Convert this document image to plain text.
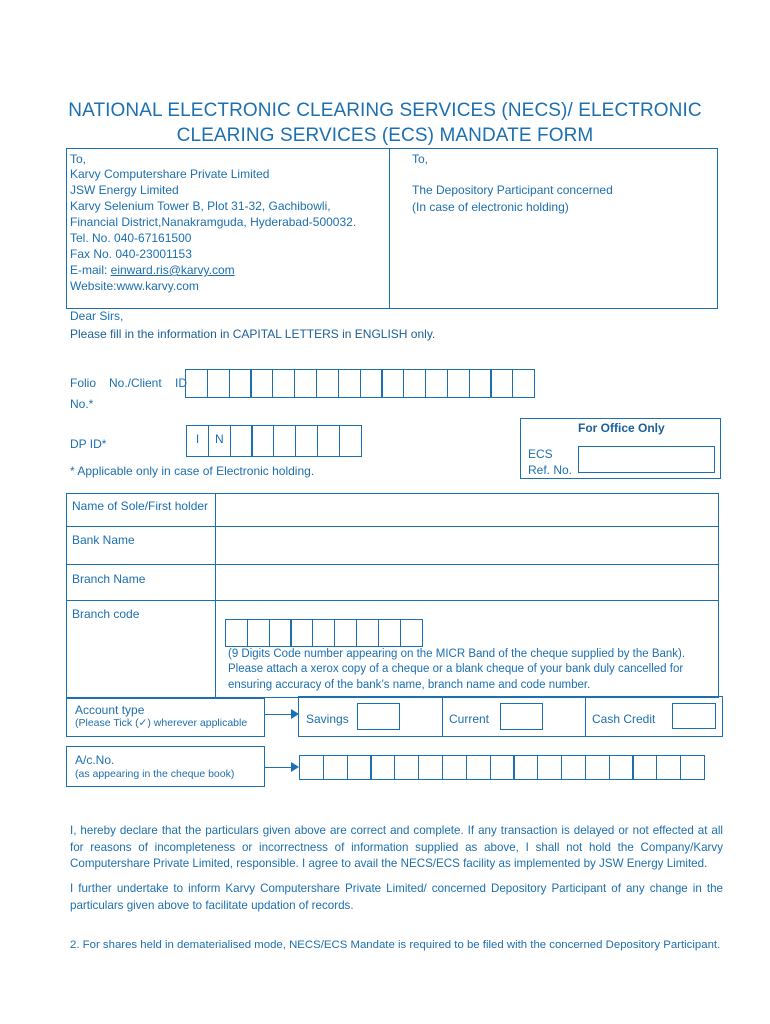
NATIONAL ELECTRONIC CLEARING SERVICES (NECS)/ ELECTRONIC
CLEARING SERVICES (ECS) MANDATE FORM
To,
Karvy Computershare Private Limited
JSW Energy Limited
Karvy Selenium Tower B, Plot 31-32, Gachibowli,
Financial District,Nanakramguda, Hyderabad-500032.
Tel. No. 040-67161500
Fax No. 040-23001153
E-mail: einward.ris@karvy.com
Website:www.karvy.com
To,
The Depository Participant concerned
(In case of electronic holding)
Dear Sirs,
Please fill in the information in CAPITAL LETTERS in ENGLISH only.
Folio No./Client ID
No.*
DP ID*	I	N
* Applicable only in case of Electronic holding.
For Office Only
ECS
Ref. No.
Name of Sole/First holder
Bank Name
Branch Name
Branch code
(9 Digits Code number appearing on the MICR Band of the cheque supplied by the Bank).
Please attach a xerox copy of a cheque or a blank cheque of your bank duly cancelled for
ensuring accuracy of the bank’s name, branch name and code number.
Account type
(Please Tick (✓) wherever applicable	Savings	Current	Cash Credit
A/c.No.
(as appearing in the cheque book)
I, hereby declare that the particulars given above are correct and complete. If any transaction is delayed or not effected at all for reasons of incompleteness or incorrectness of information supplied as above, I shall not hold the Company/Karvy Computershare Private Limited, responsible. I agree to avail the NECS/ECS facility as implemented by JSW Energy Limited.
I further undertake to inform Karvy Computershare Private Limited/ concerned Depository Participant of any change in the particulars given above to facilitate updation of records.
2. For shares held in dematerialised mode, NECS/ECS Mandate is required to be filed with the concerned Depository Participant.
